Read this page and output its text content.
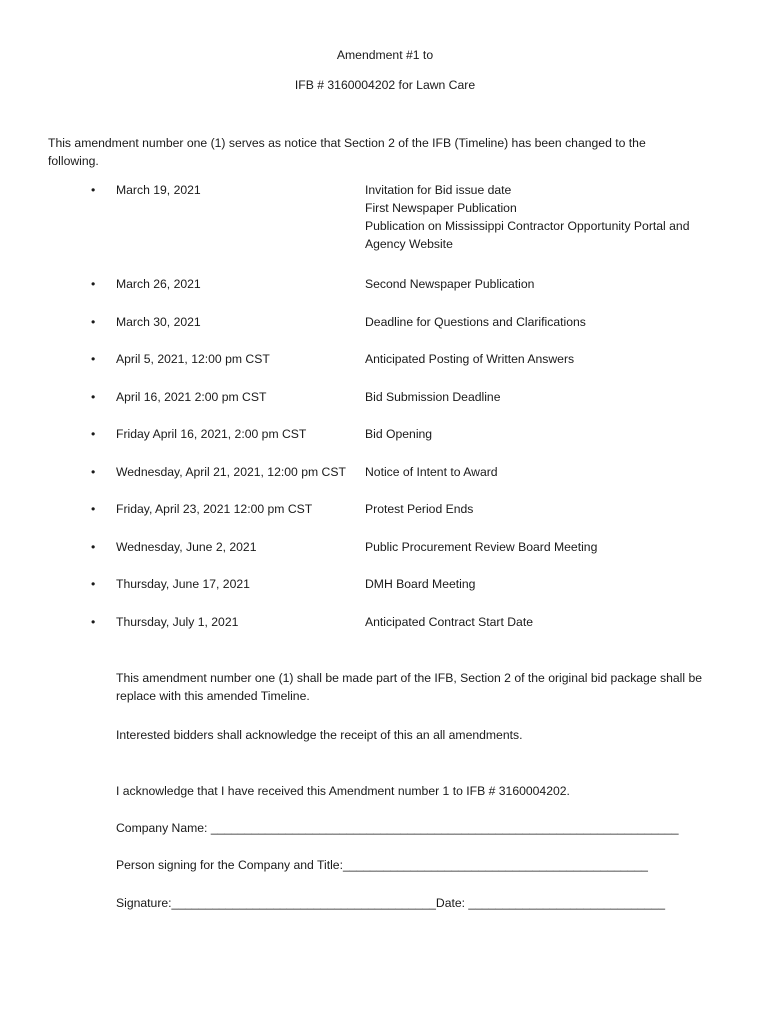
Amendment #1 to
IFB # 3160004202 for Lawn Care
This amendment number one (1) serves as notice that Section 2 of the IFB (Timeline) has been changed to the following.
•	March 19, 2021	Invitation for Bid issue date
First Newspaper Publication
Publication on Mississippi Contractor Opportunity Portal and
Agency Website
•	March 26, 2021	Second Newspaper Publication
•	March 30, 2021	Deadline for Questions and Clarifications
•	April 5, 2021, 12:00 pm CST	Anticipated Posting of Written Answers
•	April 16, 2021 2:00 pm CST	Bid Submission Deadline
•	Friday April 16, 2021, 2:00 pm CST	Bid Opening
•	Wednesday, April 21, 2021, 12:00 pm CST	Notice of Intent to Award
•	Friday, April 23, 2021 12:00 pm CST	Protest Period Ends
•	Wednesday, June 2, 2021	Public Procurement Review Board Meeting
•	Thursday, June 17, 2021	DMH Board Meeting
•	Thursday, July 1, 2021	Anticipated Contract Start Date
This amendment number one (1) shall be made part of the IFB, Section 2 of the original bid package shall be replace with this amended Timeline.
Interested bidders shall acknowledge the receipt of this an all amendments.
I acknowledge that I have received this Amendment number 1 to IFB # 3160004202.
Company Name: _____________________________________________________________________
Person signing for the Company and Title:_____________________________________________
Signature:_______________________________________Date: _____________________________
